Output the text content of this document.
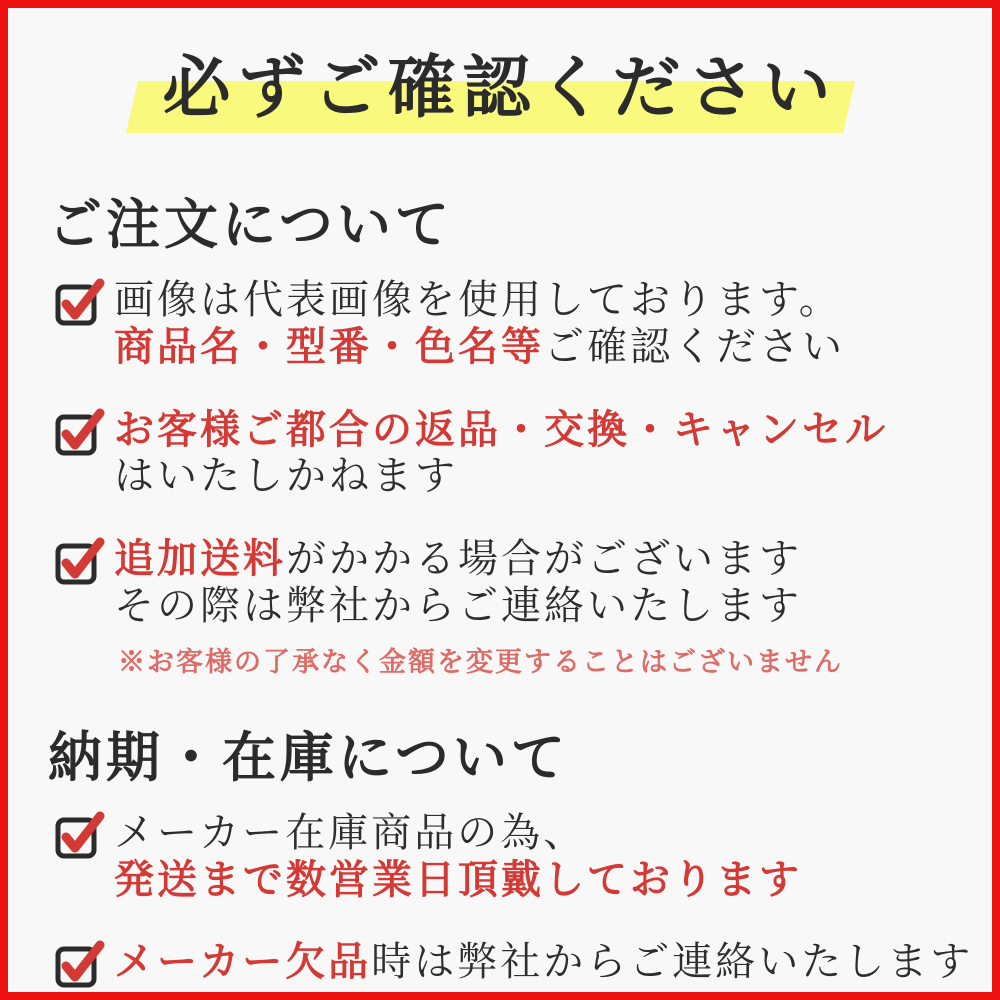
必ずご確認ください
ご注文について
画像は代表画像を使用しております。
商品名・型番・色名等ご確認ください
お客様ご都合の返品・交換・キャンセル
はいたしかねます
追加送料がかかる場合がございます
その際は弊社からご連絡いたします
※お客様の了承なく金額を変更することはございません
納期・在庫について
メーカー在庫商品の為、
発送まで数営業日頂戴しております
メーカー欠品時は弊社からご連絡いたします
